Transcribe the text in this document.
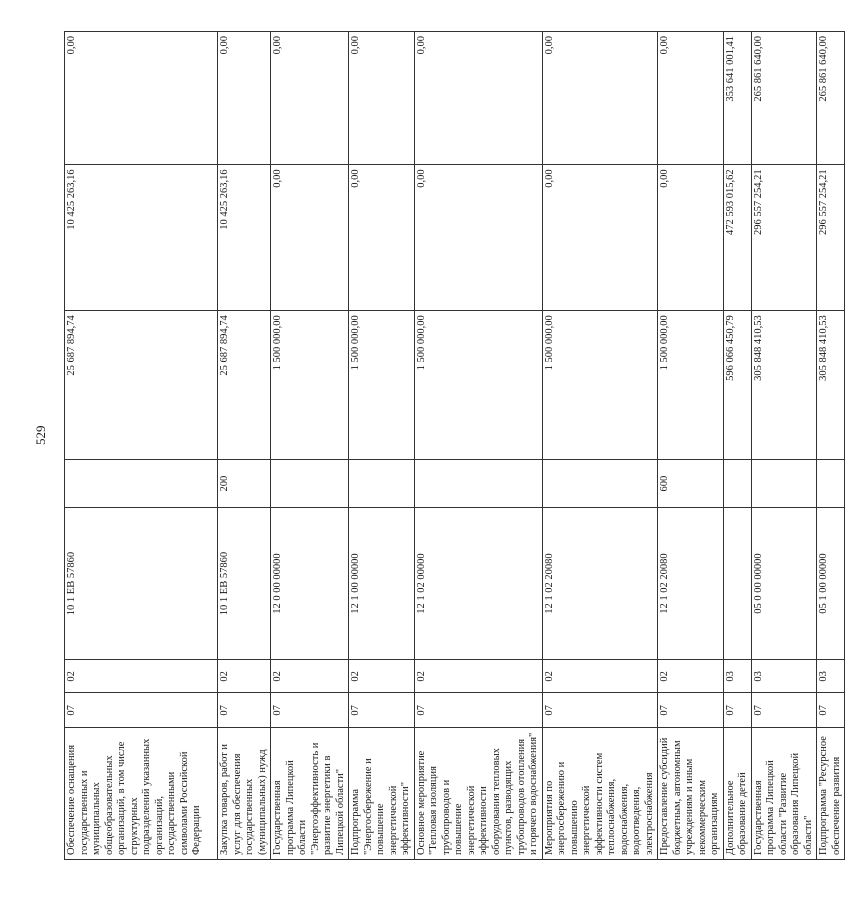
529
Обеспечение оснащения государственных и муниципальных общеобразовательных организаций, в том числе структурных подразделений указанных организаций, государственными символами Российской Федерации	07	02	10 1 ЕВ 57860		25 687 894,74	10 425 263,16	0,00
Закупка товаров, работ и услуг для обеспечения государственных (муниципальных) нужд	07	02	10 1 ЕВ 57860	200	25 687 894,74	10 425 263,16	0,00
Государственная программа Липецкой области "Энергоэффективность и развитие энергетики в Липецкой области"	07	02	12 0 00 00000		1 500 000,00	0,00	0,00
Подпрограмма "Энергосбережение и повышение энергетической эффективности"	07	02	12 1 00 00000		1 500 000,00	0,00	0,00
Основное мероприятие "Тепловая изоляция трубопроводов и повышение энергетической эффективности оборудования тепловых пунктов, разводящих трубопроводов отопления и горячего водоснабжения"	07	02	12 1 02 00000		1 500 000,00	0,00	0,00
Мероприятия по энергосбережению и повышению энергетической эффективности систем теплоснабжения, водоснабжения, водоотведения, электроснабжения	07	02	12 1 02 20080		1 500 000,00	0,00	0,00
Предоставление субсидий бюджетным, автономным учреждениям и иным некоммерческим организациям	07	02	12 1 02 20080	600	1 500 000,00	0,00	0,00
Дополнительное образование детей	07	03			596 066 450,79	472 593 015,62	353 641 001,41
Государственная программа Липецкой области "Развитие образования Липецкой области"	07	03	05 0 00 00000		305 848 410,53	296 557 254,21	265 861 640,00
Подпрограмма "Ресурсное обеспечение развития	07	03	05 1 00 00000		305 848 410,53	296 557 254,21	265 861 640,00
